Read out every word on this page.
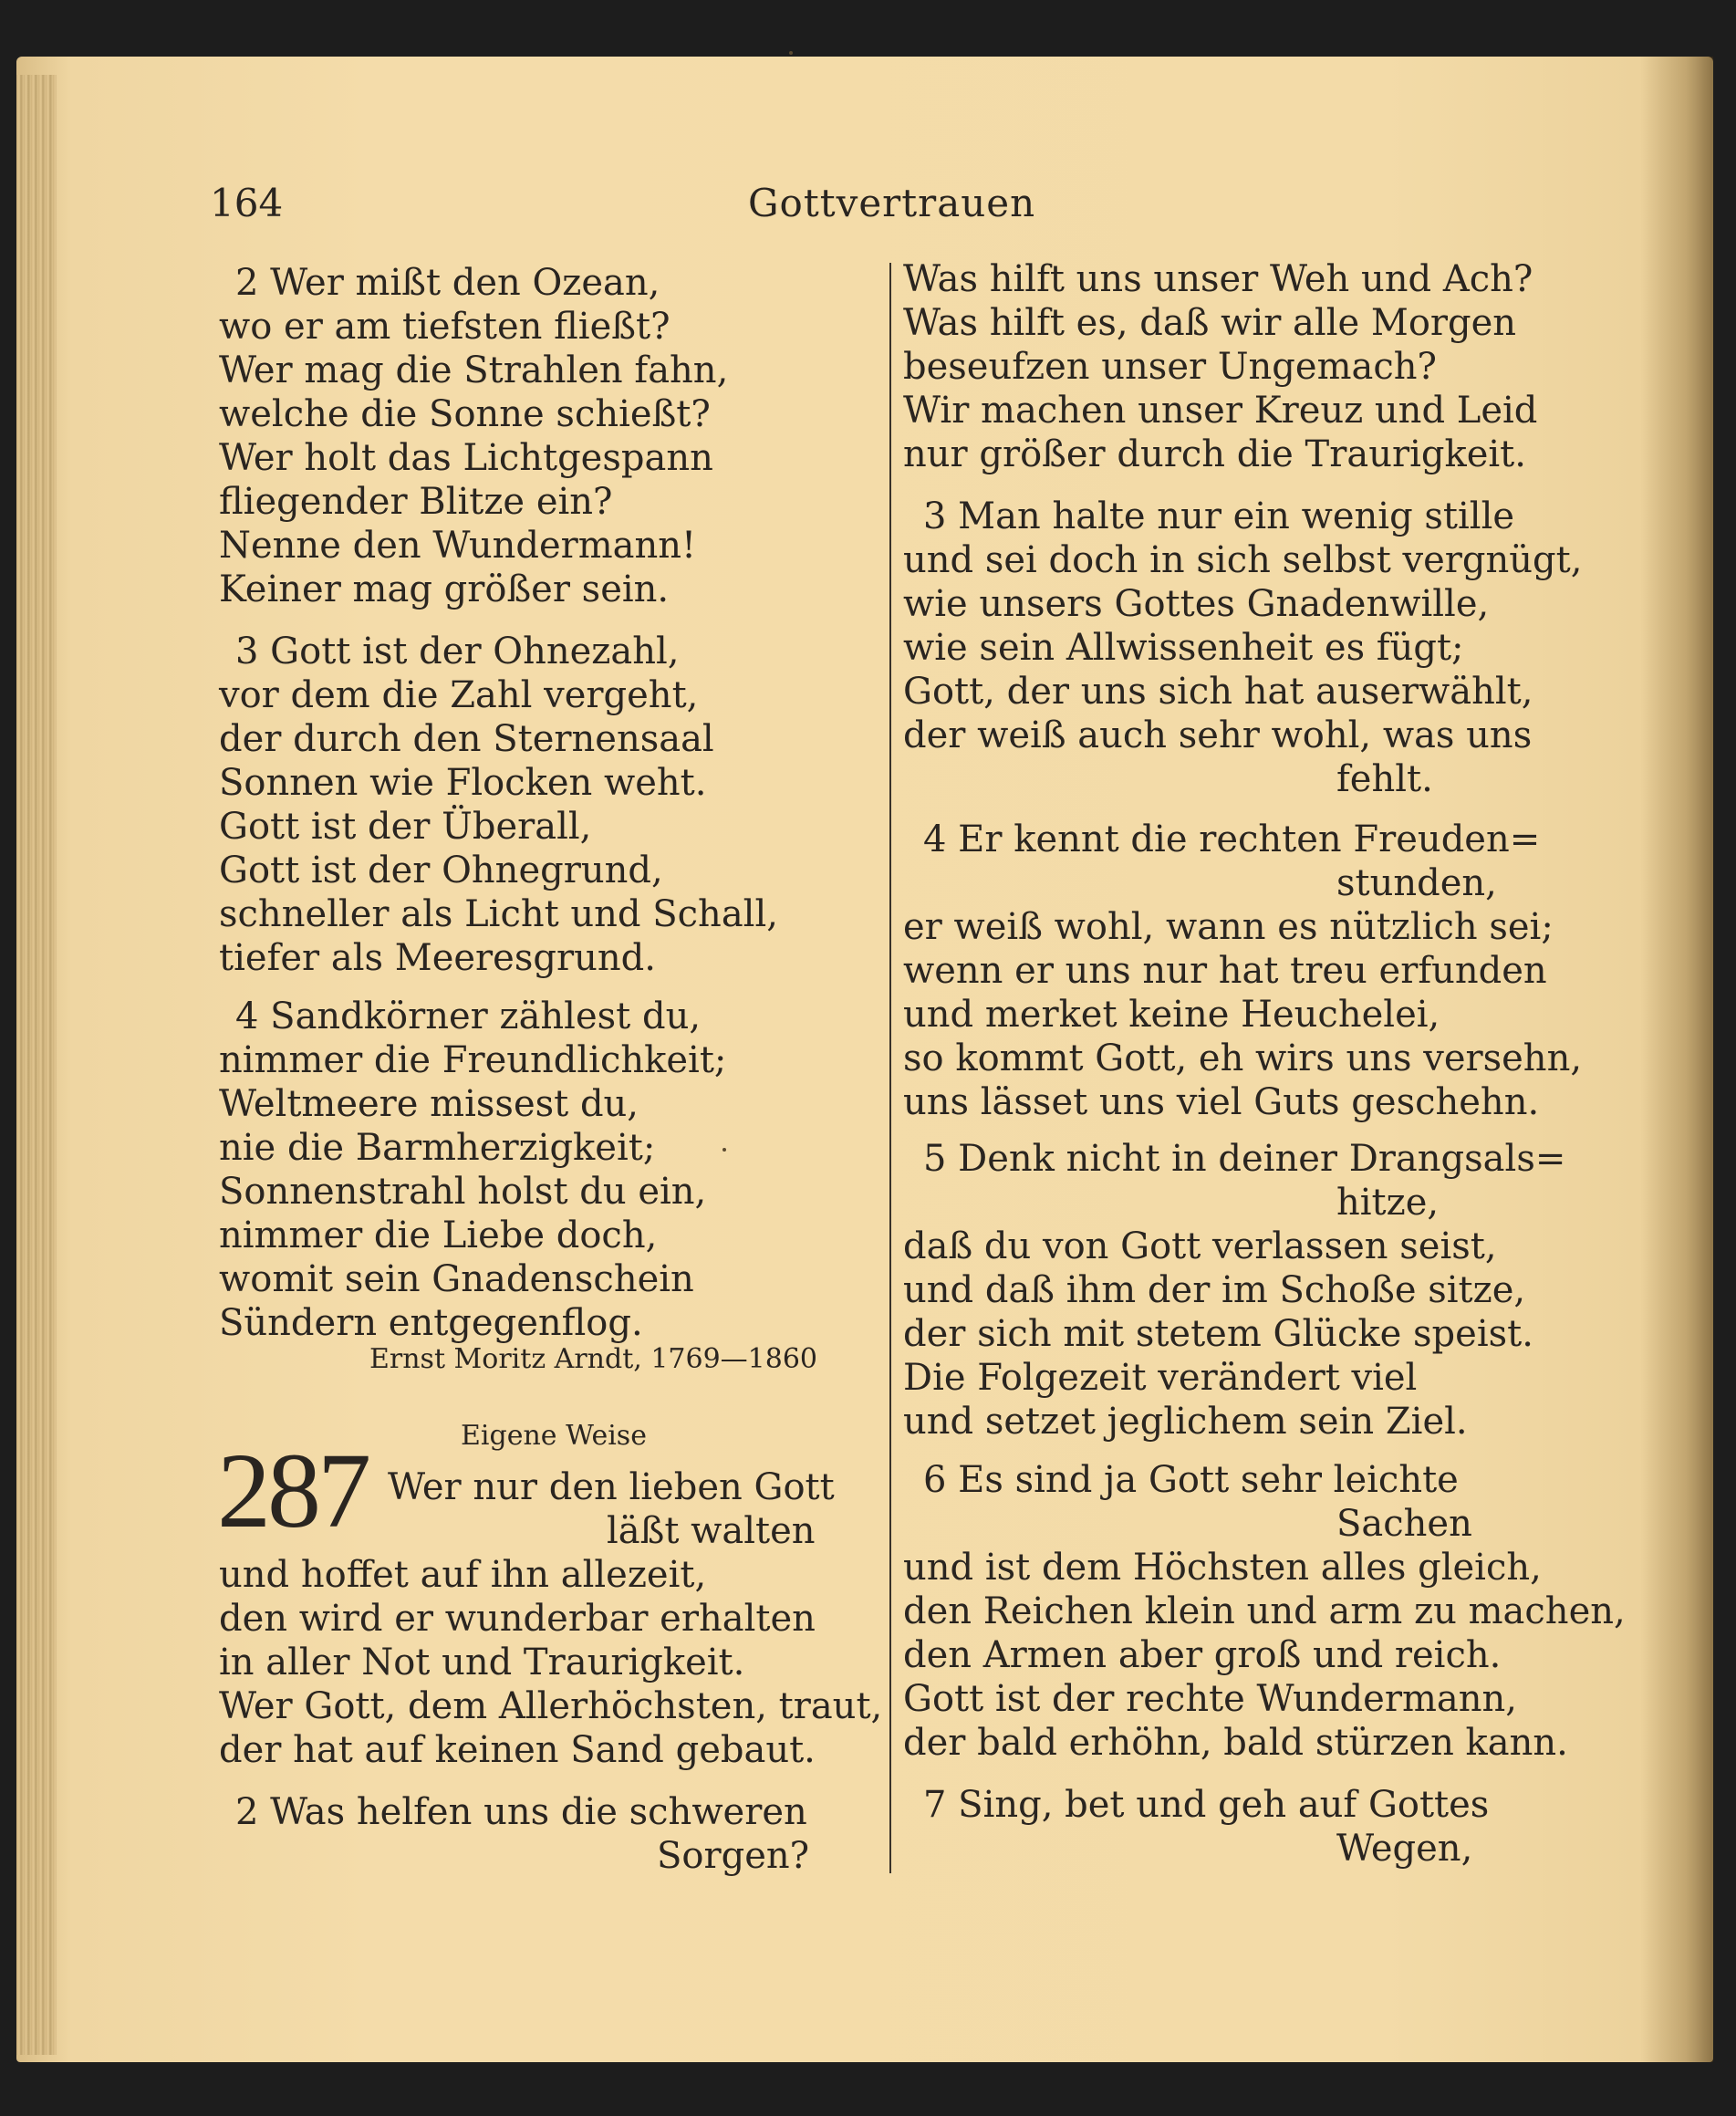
164	Gottvertrauen
2 Wer mißt den Ozean,
wo er am tiefsten fließt?
Wer mag die Strahlen fahn,
welche die Sonne schießt?
Wer holt das Lichtgespann
fliegender Blitze ein?
Nenne den Wundermann!
Keiner mag größer sein.
3 Gott ist der Ohnezahl,
vor dem die Zahl vergeht,
der durch den Sternensaal
Sonnen wie Flocken weht.
Gott ist der Überall,
Gott ist der Ohnegrund,
schneller als Licht und Schall,
tiefer als Meeresgrund.
4 Sandkörner zählest du,
nimmer die Freundlichkeit;
Weltmeere missest du,
nie die Barmherzigkeit;
Sonnenstrahl holst du ein,
nimmer die Liebe doch,
womit sein Gnadenschein
Sündern entgegenflog.
Ernst Moritz Arndt, 1769—1860
Eigene Weise
287 Wer nur den lieben Gott
läßt walten
und hoffet auf ihn allezeit,
den wird er wunderbar erhalten
in aller Not und Traurigkeit.
Wer Gott, dem Allerhöchsten, traut,
der hat auf keinen Sand gebaut.
2 Was helfen uns die schweren
Sorgen?
Was hilft uns unser Weh und Ach?
Was hilft es, daß wir alle Morgen
beseufzen unser Ungemach?
Wir machen unser Kreuz und Leid
nur größer durch die Traurigkeit.
3 Man halte nur ein wenig stille
und sei doch in sich selbst vergnügt,
wie unsers Gottes Gnadenwille,
wie sein Allwissenheit es fügt;
Gott, der uns sich hat auserwählt,
der weiß auch sehr wohl, was uns
fehlt.
4 Er kennt die rechten Freuden=
stunden,
er weiß wohl, wann es nützlich sei;
wenn er uns nur hat treu erfunden
und merket keine Heuchelei,
so kommt Gott, eh wirs uns versehn,
uns lässet uns viel Guts geschehn.
5 Denk nicht in deiner Drangsals=
hitze,
daß du von Gott verlassen seist,
und daß ihm der im Schoße sitze,
der sich mit stetem Glücke speist.
Die Folgezeit verändert viel
und setzet jeglichem sein Ziel.
6 Es sind ja Gott sehr leichte
Sachen
und ist dem Höchsten alles gleich,
den Reichen klein und arm zu machen,
den Armen aber groß und reich.
Gott ist der rechte Wundermann,
der bald erhöhn, bald stürzen kann.
7 Sing, bet und geh auf Gottes
Wegen,
